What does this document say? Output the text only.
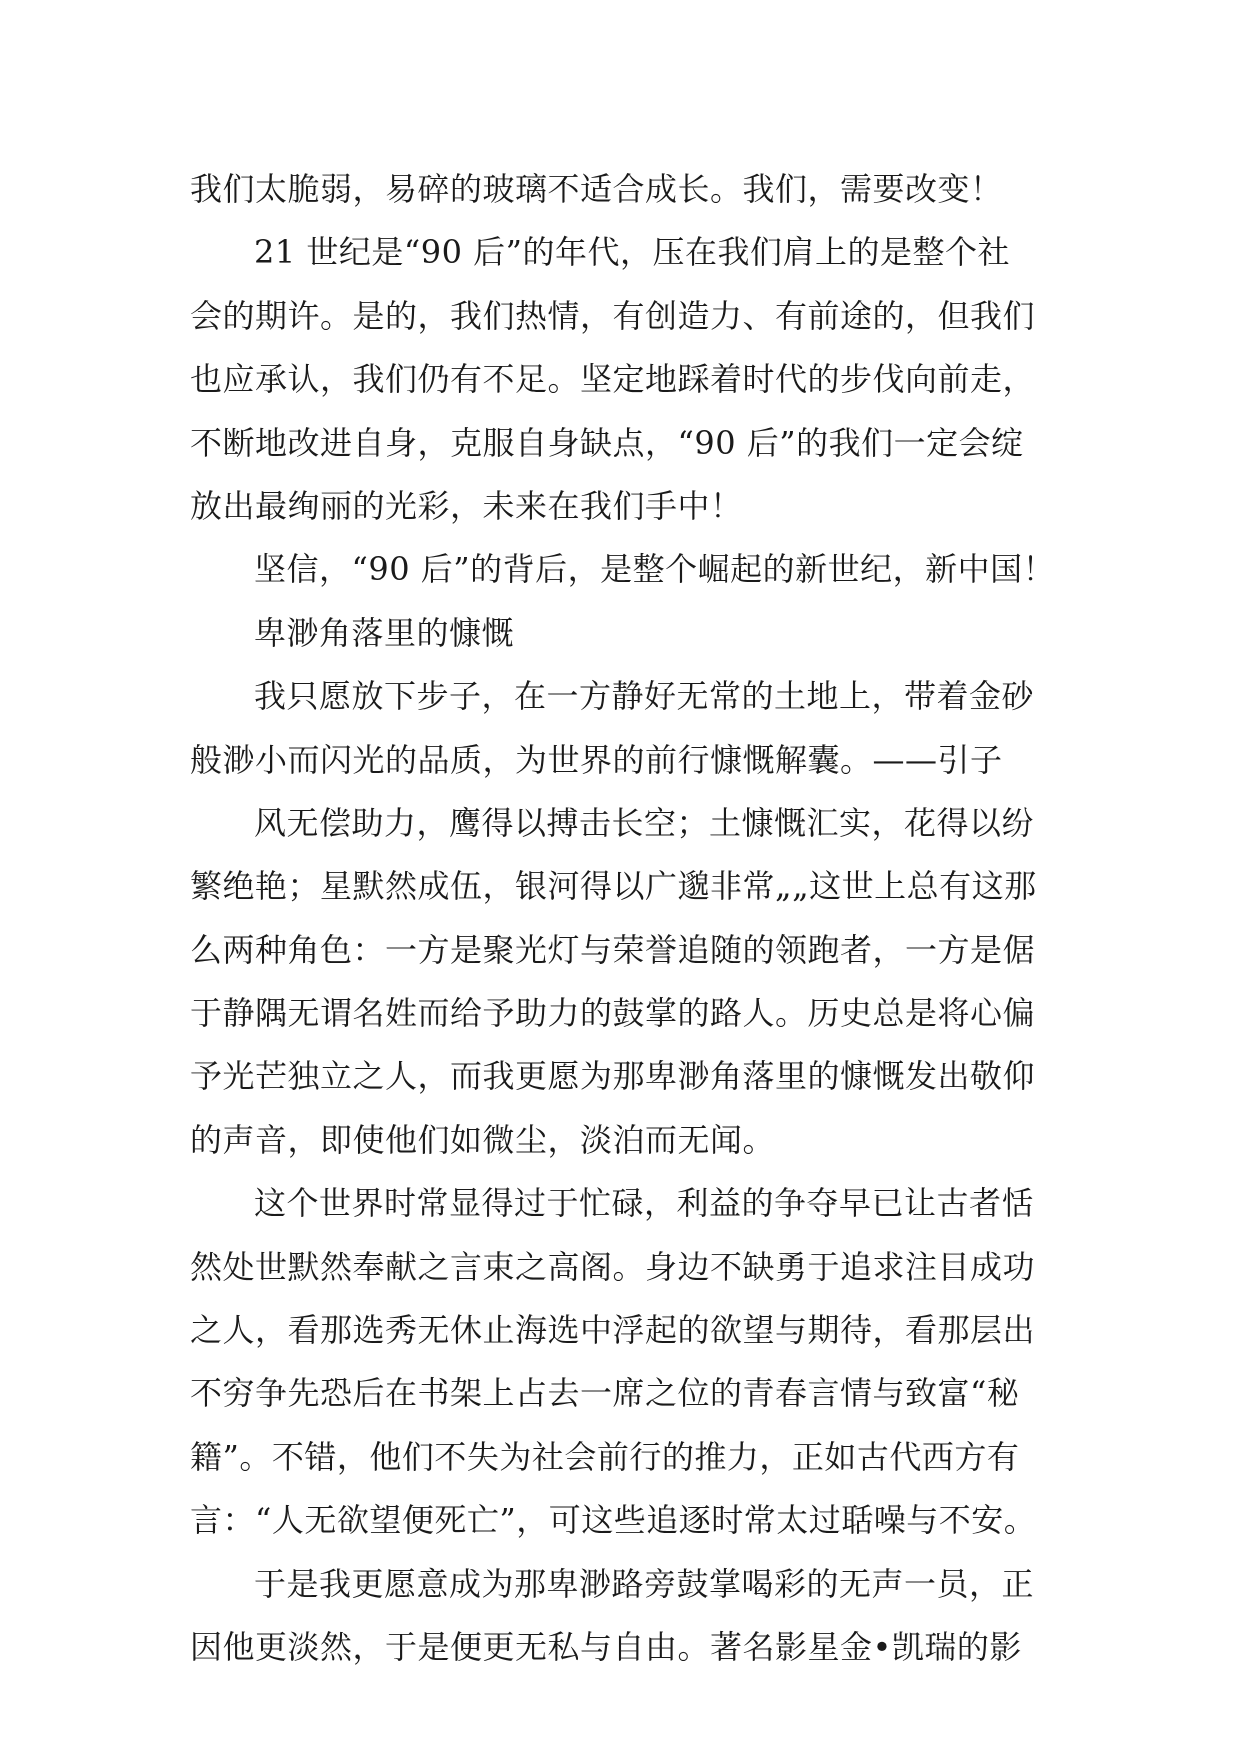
我们太脆弱，易碎的玻璃不适合成长。我们，需要改变！
21 世纪是“90 后”的年代，压在我们肩上的是整个社
会的期许。是的，我们热情，有创造力、有前途的，但我们
也应承认，我们仍有不足。坚定地踩着时代的步伐向前走，
不断地改进自身，克服自身缺点，“90 后”的我们一定会绽
放出最绚丽的光彩，未来在我们手中！
坚信，“90 后”的背后，是整个崛起的新世纪，新中国！
卑渺角落里的慷慨
我只愿放下步子，在一方静好无常的土地上，带着金砂
般渺小而闪光的品质，为世界的前行慷慨解囊。——引子
风无偿助力，鹰得以搏击长空；土慷慨汇实，花得以纷
繁绝艳；星默然成伍，银河得以广邈非常„„这世上总有这那
么两种角色：一方是聚光灯与荣誉追随的领跑者，一方是倨
于静隅无谓名姓而给予助力的鼓掌的路人。历史总是将心偏
予光芒独立之人，而我更愿为那卑渺角落里的慷慨发出敬仰
的声音，即使他们如微尘，淡泊而无闻。
这个世界时常显得过于忙碌，利益的争夺早已让古者恬
然处世默然奉献之言束之高阁。身边不缺勇于追求注目成功
之人，看那选秀无休止海选中浮起的欲望与期待，看那层出
不穷争先恐后在书架上占去一席之位的青春言情与致富“秘
籍”。不错，他们不失为社会前行的推力，正如古代西方有
言：“人无欲望便死亡”，可这些追逐时常太过聒噪与不安。
于是我更愿意成为那卑渺路旁鼓掌喝彩的无声一员，正
因他更淡然，于是便更无私与自由。著名影星金•凯瑞的影
